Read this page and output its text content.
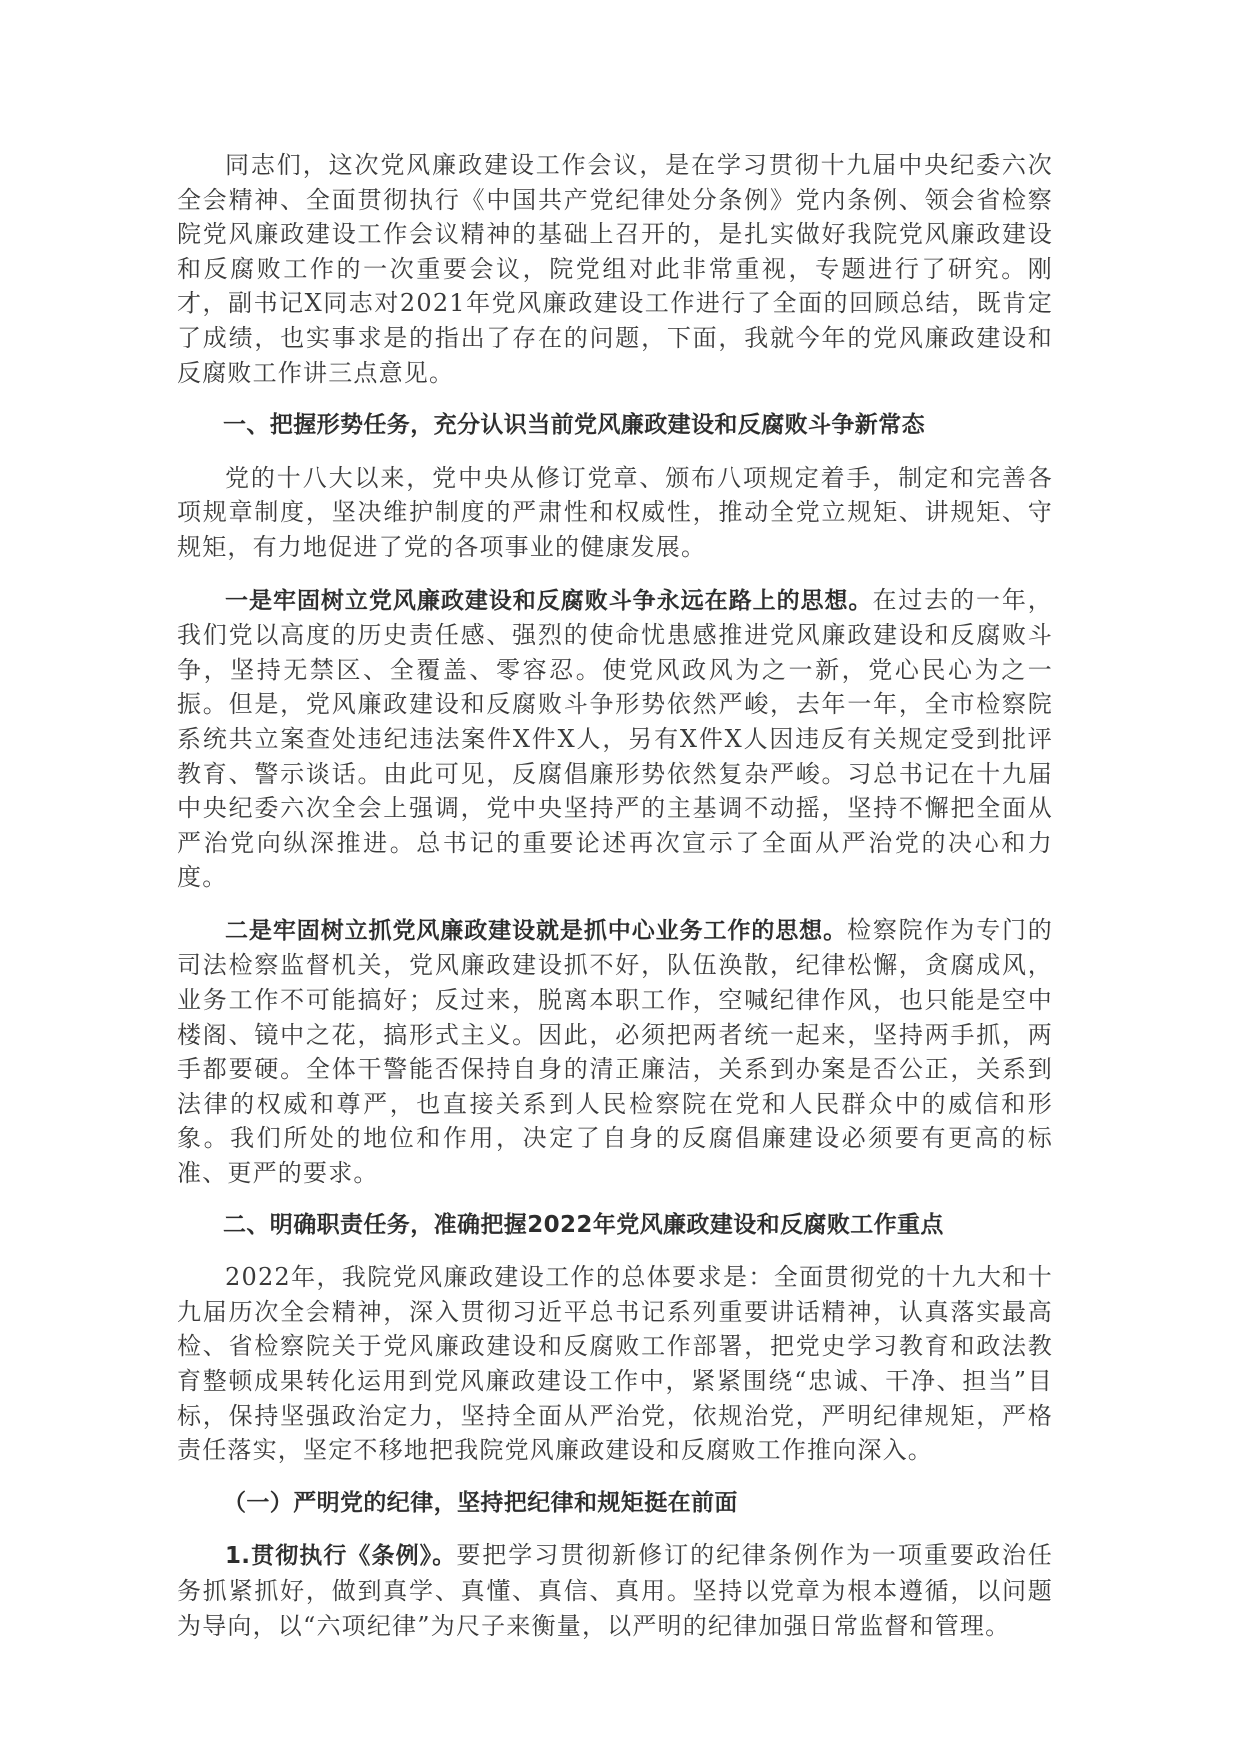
同志们，这次党风廉政建设工作会议，是在学习贯彻十九届中央纪委六次全会精神、全面贯彻执行《中国共产党纪律处分条例》党内条例、领会省检察院党风廉政建设工作会议精神的基础上召开的，是扎实做好我院党风廉政建设和反腐败工作的一次重要会议，院党组对此非常重视，专题进行了研究。刚才，副书记X同志对2021年党风廉政建设工作进行了全面的回顾总结，既肯定了成绩，也实事求是的指出了存在的问题，下面，我就今年的党风廉政建设和反腐败工作讲三点意见。

一、把握形势任务，充分认识当前党风廉政建设和反腐败斗争新常态

党的十八大以来，党中央从修订党章、颁布八项规定着手，制定和完善各项规章制度，坚决维护制度的严肃性和权威性，推动全党立规矩、讲规矩、守规矩，有力地促进了党的各项事业的健康发展。

一是牢固树立党风廉政建设和反腐败斗争永远在路上的思想。在过去的一年，我们党以高度的历史责任感、强烈的使命忧患感推进党风廉政建设和反腐败斗争，坚持无禁区、全覆盖、零容忍。使党风政风为之一新，党心民心为之一振。但是，党风廉政建设和反腐败斗争形势依然严峻，去年一年，全市检察院系统共立案查处违纪违法案件X件X人，另有X件X人因违反有关规定受到批评教育、警示谈话。由此可见，反腐倡廉形势依然复杂严峻。习总书记在十九届中央纪委六次全会上强调，党中央坚持严的主基调不动摇，坚持不懈把全面从严治党向纵深推进。总书记的重要论述再次宣示了全面从严治党的决心和力度。

二是牢固树立抓党风廉政建设就是抓中心业务工作的思想。检察院作为专门的司法检察监督机关，党风廉政建设抓不好，队伍涣散，纪律松懈，贪腐成风，业务工作不可能搞好；反过来，脱离本职工作，空喊纪律作风，也只能是空中楼阁、镜中之花，搞形式主义。因此，必须把两者统一起来，坚持两手抓，两手都要硬。全体干警能否保持自身的清正廉洁，关系到办案是否公正，关系到法律的权威和尊严，也直接关系到人民检察院在党和人民群众中的威信和形象。我们所处的地位和作用，决定了自身的反腐倡廉建设必须要有更高的标准、更严的要求。

二、明确职责任务，准确把握2022年党风廉政建设和反腐败工作重点

2022年，我院党风廉政建设工作的总体要求是：全面贯彻党的十九大和十九届历次全会精神，深入贯彻习近平总书记系列重要讲话精神，认真落实最高检、省检察院关于党风廉政建设和反腐败工作部署，把党史学习教育和政法教育整顿成果转化运用到党风廉政建设工作中，紧紧围绕“忠诚、干净、担当”目标，保持坚强政治定力，坚持全面从严治党，依规治党，严明纪律规矩，严格责任落实，坚定不移地把我院党风廉政建设和反腐败工作推向深入。

（一）严明党的纪律，坚持把纪律和规矩挺在前面

1.贯彻执行《条例》。要把学习贯彻新修订的纪律条例作为一项重要政治任务抓紧抓好，做到真学、真懂、真信、真用。坚持以党章为根本遵循，以问题为导向，以“六项纪律”为尺子来衡量，以严明的纪律加强日常监督和管理。
